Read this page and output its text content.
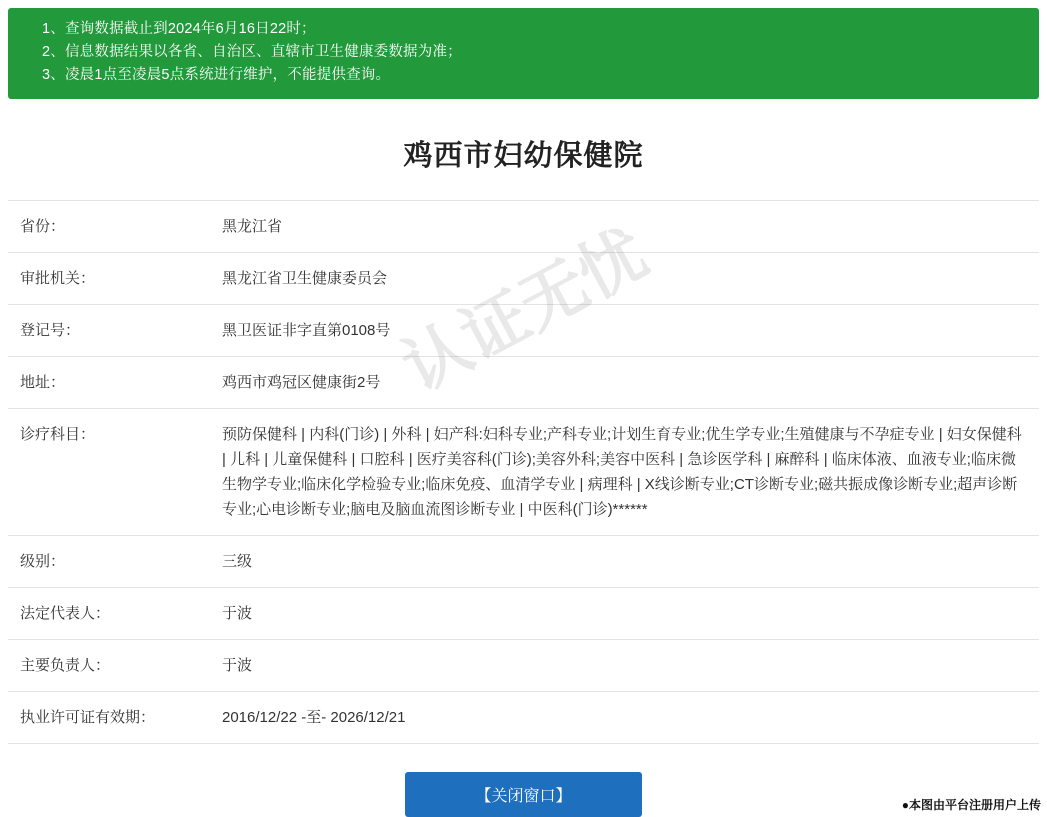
1、查询数据截止到2024年6月16日22时；
2、信息数据结果以各省、自治区、直辖市卫生健康委数据为准；
3、凌晨1点至凌晨5点系统进行维护，不能提供查询。
鸡西市妇幼保健院
省份：	黑龙江省
审批机关：	黑龙江省卫生健康委员会
登记号：	黑卫医证非字直第0108号
地址：	鸡西市鸡冠区健康街2号
诊疗科目：	预防保健科 | 内科(门诊) | 外科 | 妇产科:妇科专业;产科专业;计划生育专业;优生学专业;生殖健康与不孕症专业 | 妇女保健科 | 儿科 | 儿童保健科 | 口腔科 | 医疗美容科(门诊);美容外科;美容中医科 | 急诊医学科 | 麻醉科 | 临床体液、血液专业;临床微生物学专业;临床化学检验专业;临床免疫、血清学专业 | 病理科 | X线诊断专业;CT诊断专业;磁共振成像诊断专业;超声诊断专业;心电诊断专业;脑电及脑血流图诊断专业 | 中医科(门诊)******
级别：	三级
法定代表人：	于波
主要负责人：	于波
执业许可证有效期：	2016/12/22 -至- 2026/12/21
【关闭窗口】
认证无忧
●本图由平台注册用户上传
